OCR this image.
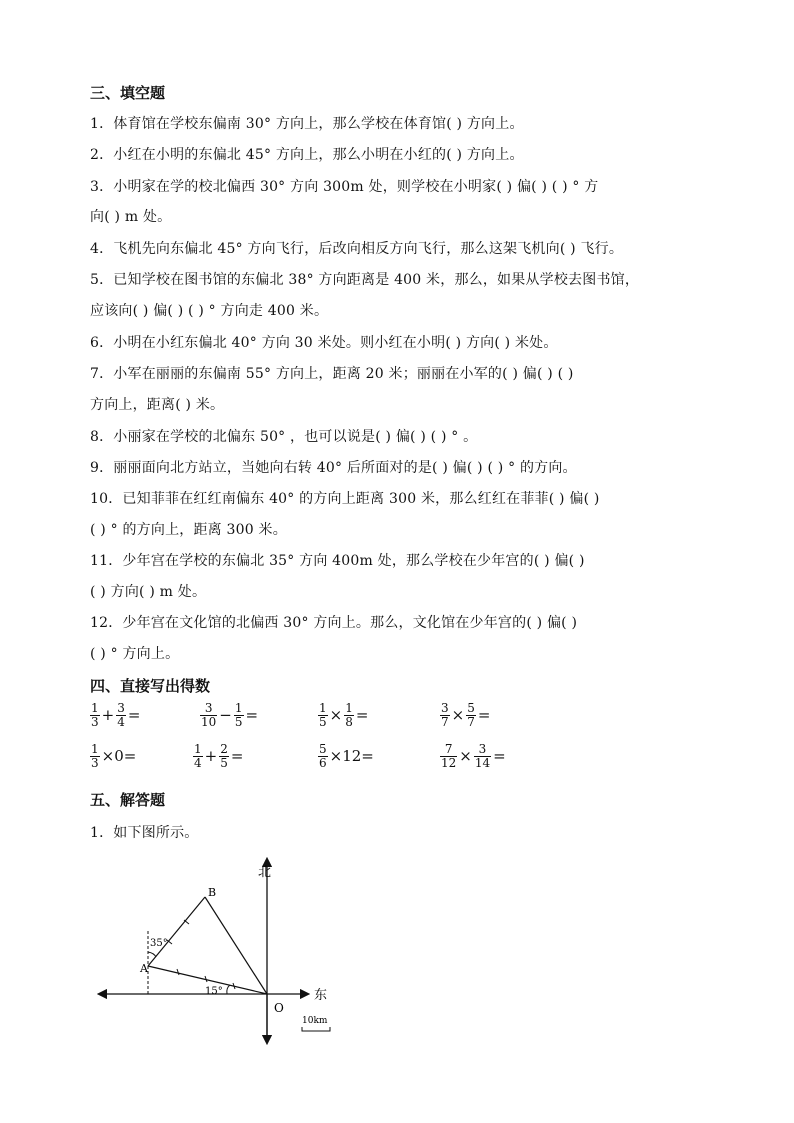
三、填空题
1．体育馆在学校东偏南 30° 方向上，那么学校在体育馆( ) 方向上。
2．小红在小明的东偏北 45° 方向上，那么小明在小红的( ) 方向上。
3．小明家在学的校北偏西 30° 方向 300m 处，则学校在小明家( ) 偏( ) ( ) ° 方
向( ) m 处。
4．飞机先向东偏北 45° 方向飞行，后改向相反方向飞行，那么这架飞机向( ) 飞行。
5．已知学校在图书馆的东偏北 38° 方向距离是 400 米，那么，如果从学校去图书馆，
应该向( ) 偏( ) ( ) ° 方向走 400 米。
6．小明在小红东偏北 40° 方向 30 米处。则小红在小明( ) 方向( ) 米处。
7．小军在丽丽的东偏南 55° 方向上，距离 20 米；丽丽在小军的( ) 偏( ) ( )
方向上，距离( ) 米。
8．小丽家在学校的北偏东 50° ，也可以说是( ) 偏( ) ( ) ° 。
9．丽丽面向北方站立，当她向右转 40° 后所面对的是( ) 偏( ) ( ) ° 的方向。
10．已知菲菲在红红南偏东 40° 的方向上距离 300 米，那么红红在菲菲( ) 偏( )
( ) ° 的方向上，距离 300 米。
11．少年宫在学校的东偏北 35° 方向 400m 处，那么学校在少年宫的( ) 偏( )
( ) 方向( ) m 处。
12．少年宫在文化馆的北偏西 30° 方向上。那么，文化馆在少年宫的( ) 偏( )
( ) ° 方向上。
四、直接写出得数
$\frac{1}{3} + \frac{3}{4}$ =	$\frac{3}{10} - \frac{1}{5}$ =	$\frac{1}{5} \times \frac{1}{8}$ =	$\frac{3}{7} \times \frac{5}{7}$ =
$\frac{1}{3} \times 0=$	$\frac{1}{4} + \frac{2}{5}$ =	$\frac{5}{6} \times 12=$	$\frac{7}{12} \times \frac{3}{14}$ =
五、解答题
1．如下图所示。
北
东
O
A
B
35°
15°
10km
